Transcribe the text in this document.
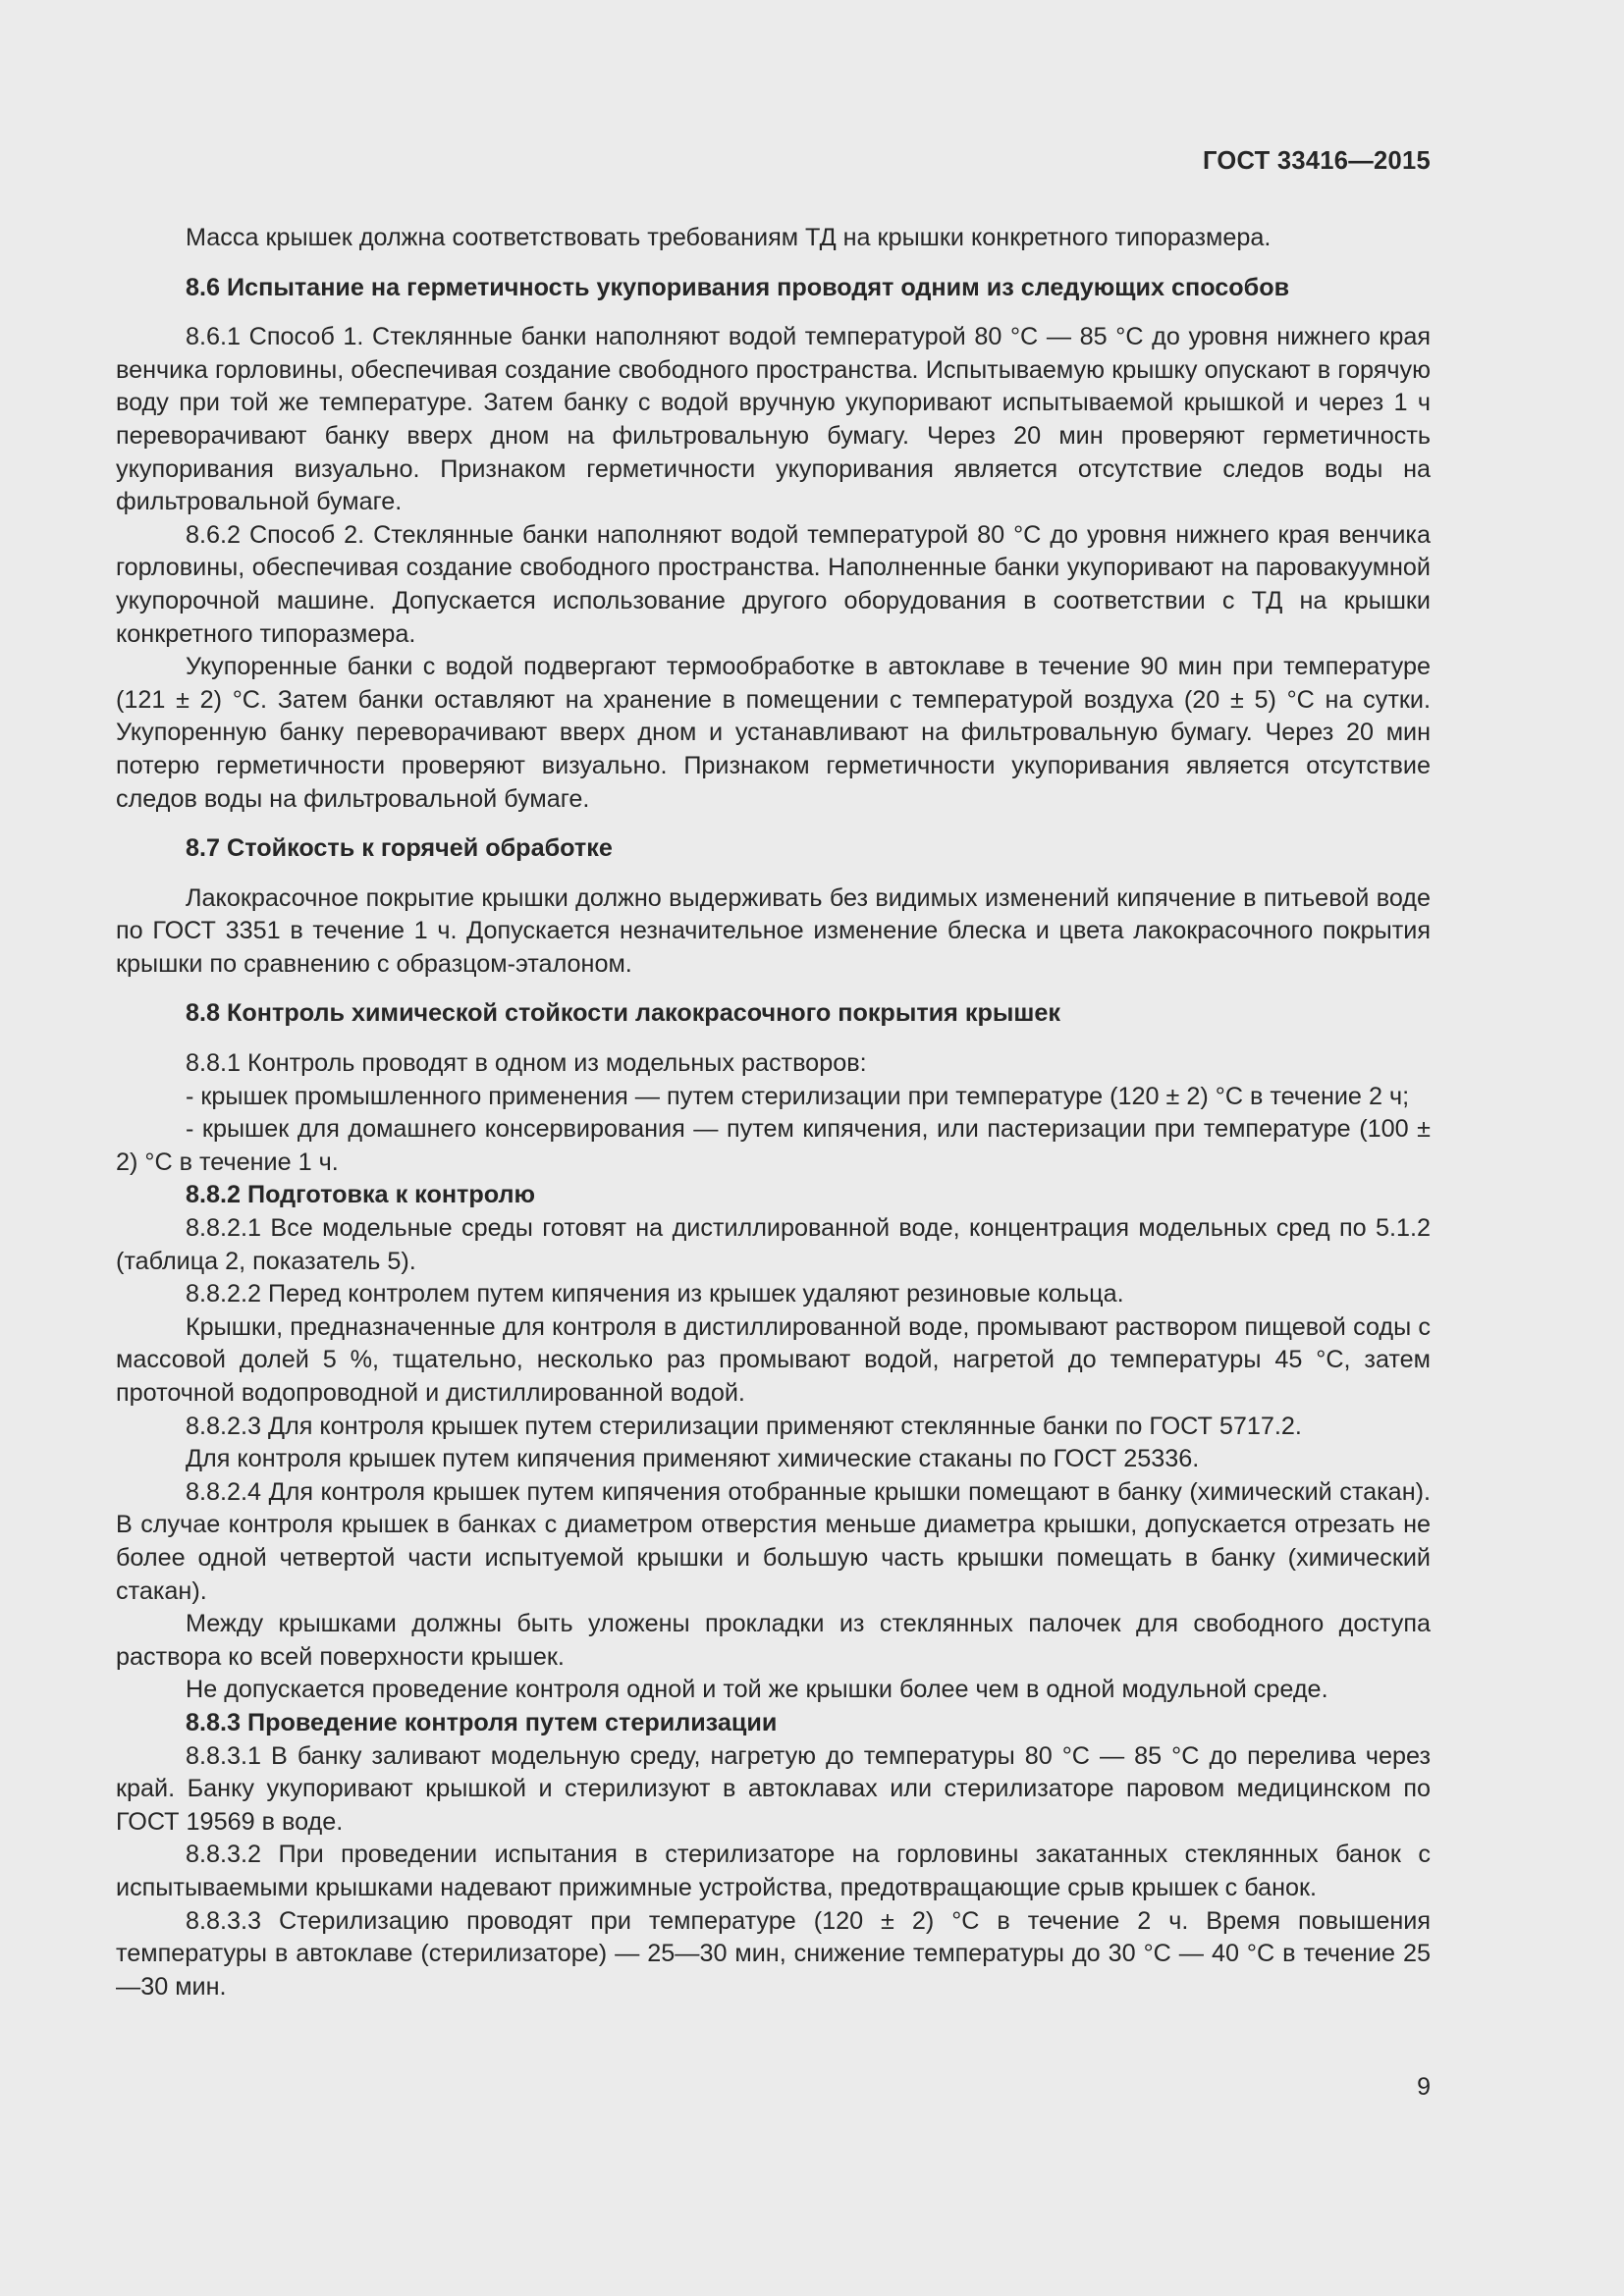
ГОСТ 33416—2015

Масса крышек должна соответствовать требованиям ТД на крышки конкретного типоразмера.

8.6 Испытание на герметичность укупоривания проводят одним из следующих способов

8.6.1 Способ 1. Стеклянные банки наполняют водой температурой 80 °С — 85 °С до уровня нижнего края венчика горловины, обеспечивая создание свободного пространства. Испытываемую крышку опускают в горячую воду при той же температуре. Затем банку с водой вручную укупоривают испытываемой крышкой и через 1 ч переворачивают банку вверх дном на фильтровальную бумагу. Через 20 мин проверяют герметичность укупоривания визуально. Признаком герметичности укупоривания является отсутствие следов воды на фильтровальной бумаге.

8.6.2 Способ 2. Стеклянные банки наполняют водой температурой 80 °С до уровня нижнего края венчика горловины, обеспечивая создание свободного пространства. Наполненные банки укупоривают на паровакуумной укупорочной машине. Допускается использование другого оборудования в соответствии с ТД на крышки конкретного типоразмера.

Укупоренные банки с водой подвергают термообработке в автоклаве в течение 90 мин при температуре (121 ± 2) °С. Затем банки оставляют на хранение в помещении с температурой воздуха (20 ± 5) °С на сутки. Укупоренную банку переворачивают вверх дном и устанавливают на фильтровальную бумагу. Через 20 мин потерю герметичности проверяют визуально. Признаком герметичности укупоривания является отсутствие следов воды на фильтровальной бумаге.

8.7 Стойкость к горячей обработке

Лакокрасочное покрытие крышки должно выдерживать без видимых изменений кипячение в питьевой воде по ГОСТ 3351 в течение 1 ч. Допускается незначительное изменение блеска и цвета лакокрасочного покрытия крышки по сравнению с образцом-эталоном.

8.8 Контроль химической стойкости лакокрасочного покрытия крышек

8.8.1 Контроль проводят в одном из модельных растворов:

- крышек промышленного применения — путем стерилизации при температуре (120 ± 2) °С в течение 2 ч;

- крышек для домашнего консервирования — путем кипячения, или пастеризации при температуре (100 ± 2) °С в течение 1 ч.

8.8.2 Подготовка к контролю

8.8.2.1 Все модельные среды готовят на дистиллированной воде, концентрация модельных сред по 5.1.2 (таблица 2, показатель 5).

8.8.2.2 Перед контролем путем кипячения из крышек удаляют резиновые кольца.

Крышки, предназначенные для контроля в дистиллированной воде, промывают раствором пищевой соды с массовой долей 5 %, тщательно, несколько раз промывают водой, нагретой до температуры 45 °С, затем проточной водопроводной и дистиллированной водой.

8.8.2.3 Для контроля крышек путем стерилизации применяют стеклянные банки по ГОСТ 5717.2.

Для контроля крышек путем кипячения применяют химические стаканы по ГОСТ 25336.

8.8.2.4 Для контроля крышек путем кипячения отобранные крышки помещают в банку (химический стакан). В случае контроля крышек в банках с диаметром отверстия меньше диаметра крышки, допускается отрезать не более одной четвертой части испытуемой крышки и большую часть крышки помещать в банку (химический стакан).

Между крышками должны быть уложены прокладки из стеклянных палочек для свободного доступа раствора ко всей поверхности крышек.

Не допускается проведение контроля одной и той же крышки более чем в одной модульной среде.

8.8.3 Проведение контроля путем стерилизации

8.8.3.1 В банку заливают модельную среду, нагретую до температуры 80 °С — 85 °С до перелива через край. Банку укупоривают крышкой и стерилизуют в автоклавах или стерилизаторе паровом медицинском по ГОСТ 19569 в воде.

8.8.3.2 При проведении испытания в стерилизаторе на горловины закатанных стеклянных банок с испытываемыми крышками надевают прижимные устройства, предотвращающие срыв крышек с банок.

8.8.3.3 Стерилизацию проводят при температуре (120 ± 2) °С в течение 2 ч. Время повышения температуры в автоклаве (стерилизаторе) — 25—30 мин, снижение температуры до 30 °С — 40 °С в течение 25—30 мин.

9
